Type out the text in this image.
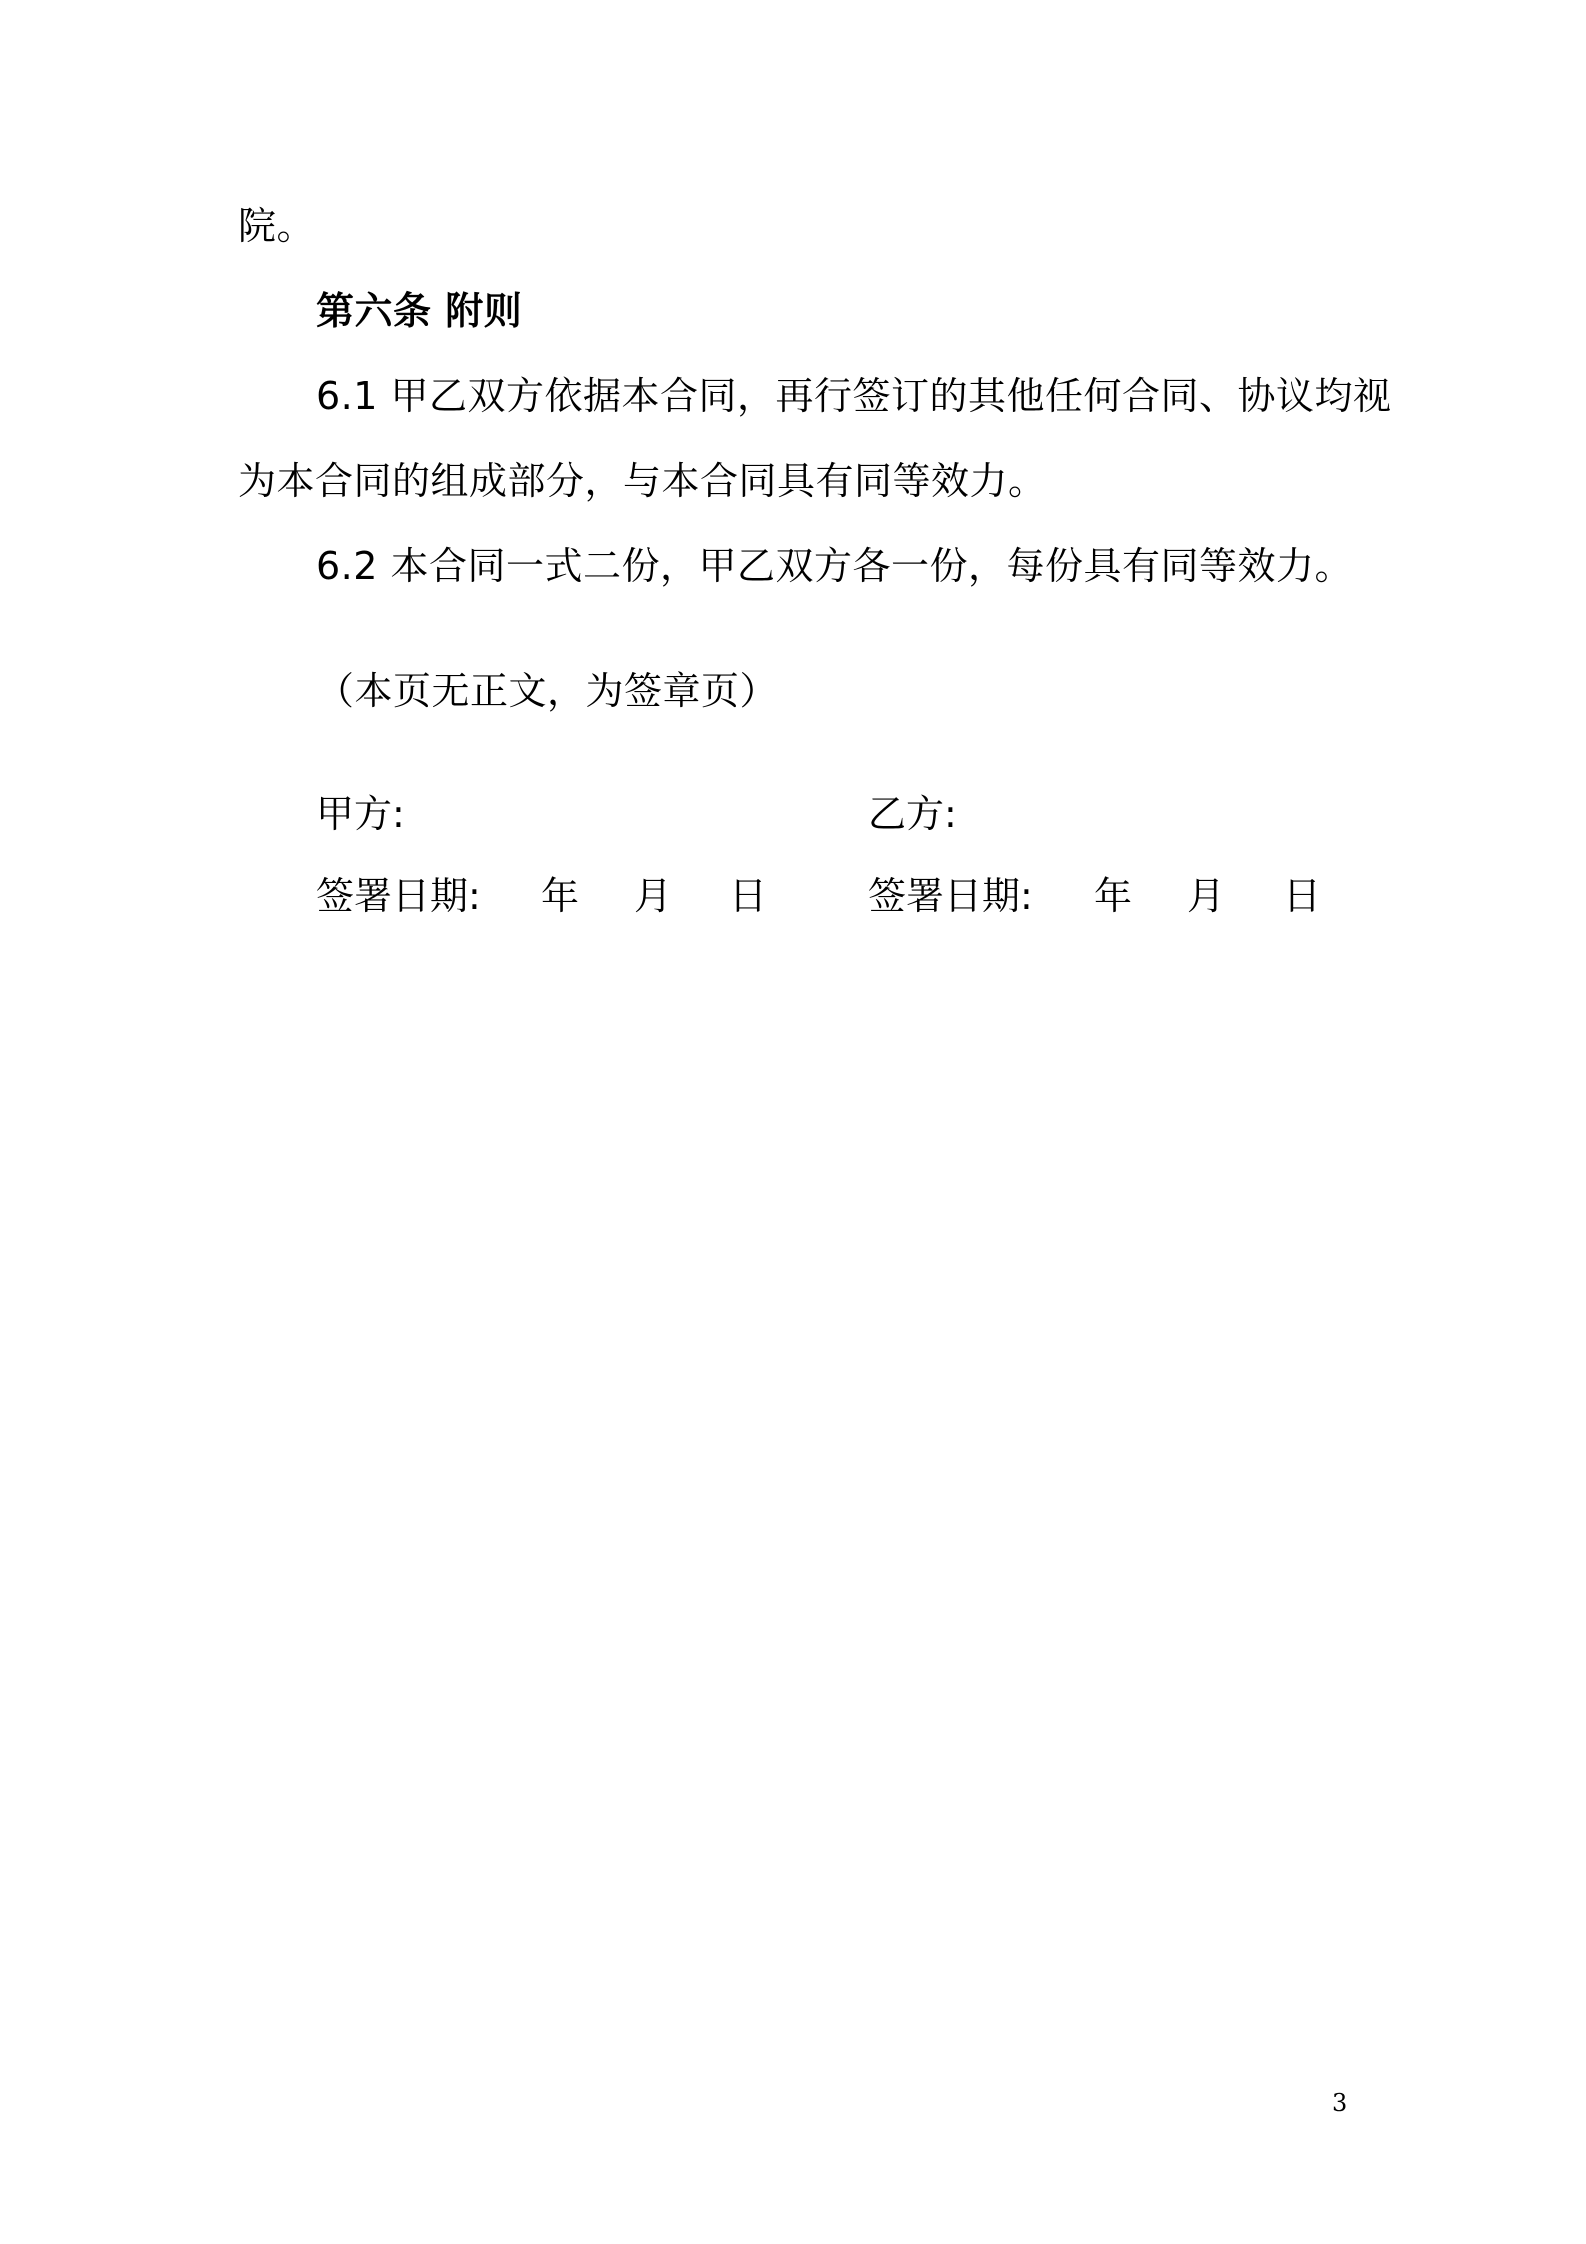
院。
第六条 附则
6.1 甲乙双方依据本合同，再行签订的其他任何合同、协议均视
为本合同的组成部分，与本合同具有同等效力。
6.2 本合同一式二份，甲乙双方各一份，每份具有同等效力。
（本页无正文，为签章页）
甲方:	乙方:
签署日期: 年 月 日	签署日期: 年 月 日
3
